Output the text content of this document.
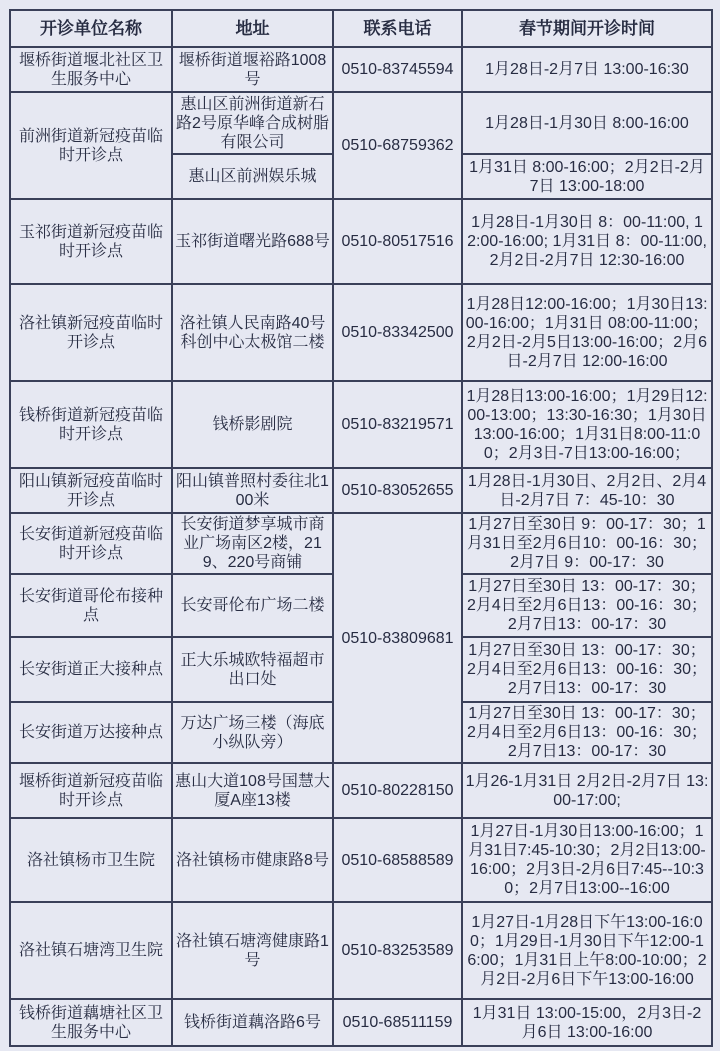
开诊单位名称	地址	联系电话	春节期间开诊时间
堰桥街道堰北社区卫生服务中心	堰桥街道堰裕路1008号	0510-83745594	1月28日-2月7日 13:00-16:30
前洲街道新冠疫苗临时开诊点	惠山区前洲街道新石路2号原华峰合成树脂有限公司	0510-68759362	1月28日-1月30日 8:00-16:00
	惠山区前洲娱乐城		1月31日 8:00-16:00；2月2日-2月7日 13:00-18:00
玉祁街道新冠疫苗临时开诊点	玉祁街道曙光路688号	0510-80517516	1月28日-1月30日 8：00-11:00, 12:00-16:00; 1月31日 8：00-11:00, 2月2日-2月7日 12:30-16:00
洛社镇新冠疫苗临时开诊点	洛社镇人民南路40号科创中心太极馆二楼	0510-83342500	1月28日12:00-16:00；1月30日13:00-16:00；1月31日 08:00-11:00；2月2日-2月5日13:00-16:00；2月6日-2月7日 12:00-16:00
钱桥街道新冠疫苗临时开诊点	钱桥影剧院	0510-83219571	1月28日13:00-16:00；1月29日12:00-13:00；13:30-16:30；1月30日13:00-16:00；1月31日8:00-11:00；2月3日-7日13:00-16:00；
阳山镇新冠疫苗临时开诊点	阳山镇普照村委往北100米	0510-83052655	1月28日-1月30日、2月2日、2月4日-2月7日 7：45-10：30
长安街道新冠疫苗临时开诊点	长安街道梦享城市商业广场南区2楼，219、220号商铺	0510-83809681	1月27日至30日 9：00-17：30；1月31日至2月6日10：00-16：30；2月7日 9：00-17：30
长安街道哥伦布接种点	长安哥伦布广场二楼		1月27日至30日 13：00-17：30；2月4日至2月6日13：00-16：30；2月7日13：00-17：30
长安街道正大接种点	正大乐城欧特福超市出口处		1月27日至30日 13：00-17：30；2月4日至2月6日13：00-16：30；2月7日13：00-17：30
长安街道万达接种点	万达广场三楼（海底小纵队旁）		1月27日至30日 13：00-17：30；2月4日至2月6日13：00-16：30；2月7日13：00-17：30
堰桥街道新冠疫苗临时开诊点	惠山大道108号国慧大厦A座13楼	0510-80228150	1月26-1月31日 2月2日-2月7日 13:00-17:00;
洛社镇杨市卫生院	洛社镇杨市健康路8号	0510-68588589	1月27日-1月30日13:00-16:00；1月31日7:45-10:30；2月2日13:00-16:00；2月3日-2月6日7:45--10:30；2月7日13:00--16:00
洛社镇石塘湾卫生院	洛社镇石塘湾健康路1号	0510-83253589	1月27日-1月28日下午13:00-16:00；1月29日-1月30日下午12:00-16:00；1月31日上午8:00-10:00；2月2日-2月6日下午13:00-16:00
钱桥街道藕塘社区卫生服务中心	钱桥街道藕洛路6号	0510-68511159	1月31日 13:00-15:00，2月3日-2月6日 13:00-16:00
